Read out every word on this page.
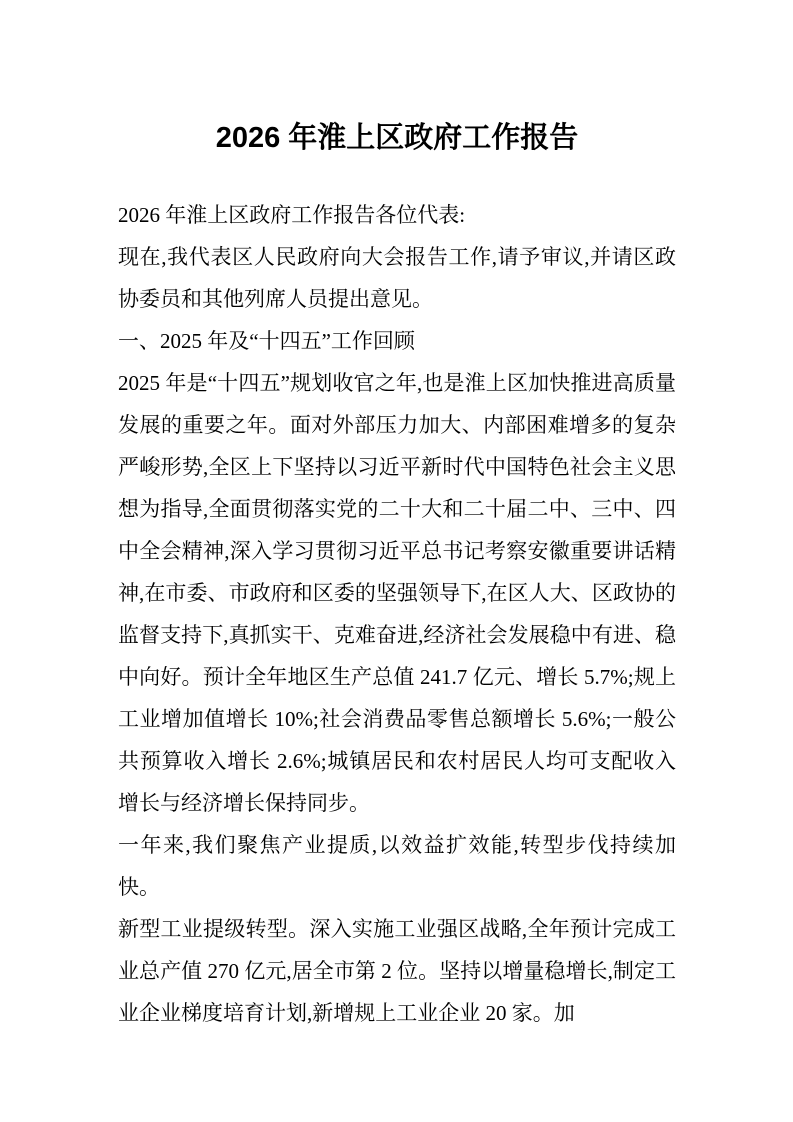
2026 年淮上区政府工作报告

2026 年淮上区政府工作报告各位代表:

现在,我代表区人民政府向大会报告工作,请予审议,并请区政协委员和其他列席人员提出意见。

一、2025 年及“十四五”工作回顾

2025 年是“十四五”规划收官之年,也是淮上区加快推进高质量发展的重要之年。面对外部压力加大、内部困难增多的复杂严峻形势,全区上下坚持以习近平新时代中国特色社会主义思想为指导,全面贯彻落实党的二十大和二十届二中、三中、四中全会精神,深入学习贯彻习近平总书记考察安徽重要讲话精神,在市委、市政府和区委的坚强领导下,在区人大、区政协的监督支持下,真抓实干、克难奋进,经济社会发展稳中有进、稳中向好。预计全年地区生产总值 241.7 亿元、增长 5.7%;规上工业增加值增长 10%;社会消费品零售总额增长 5.6%;一般公共预算收入增长 2.6%;城镇居民和农村居民人均可支配收入增长与经济增长保持同步。

一年来,我们聚焦产业提质,以效益扩效能,转型步伐持续加快。

新型工业提级转型。深入实施工业强区战略,全年预计完成工业总产值 270 亿元,居全市第 2 位。坚持以增量稳增长,制定工业企业梯度培育计划,新增规上工业企业 20 家。加
